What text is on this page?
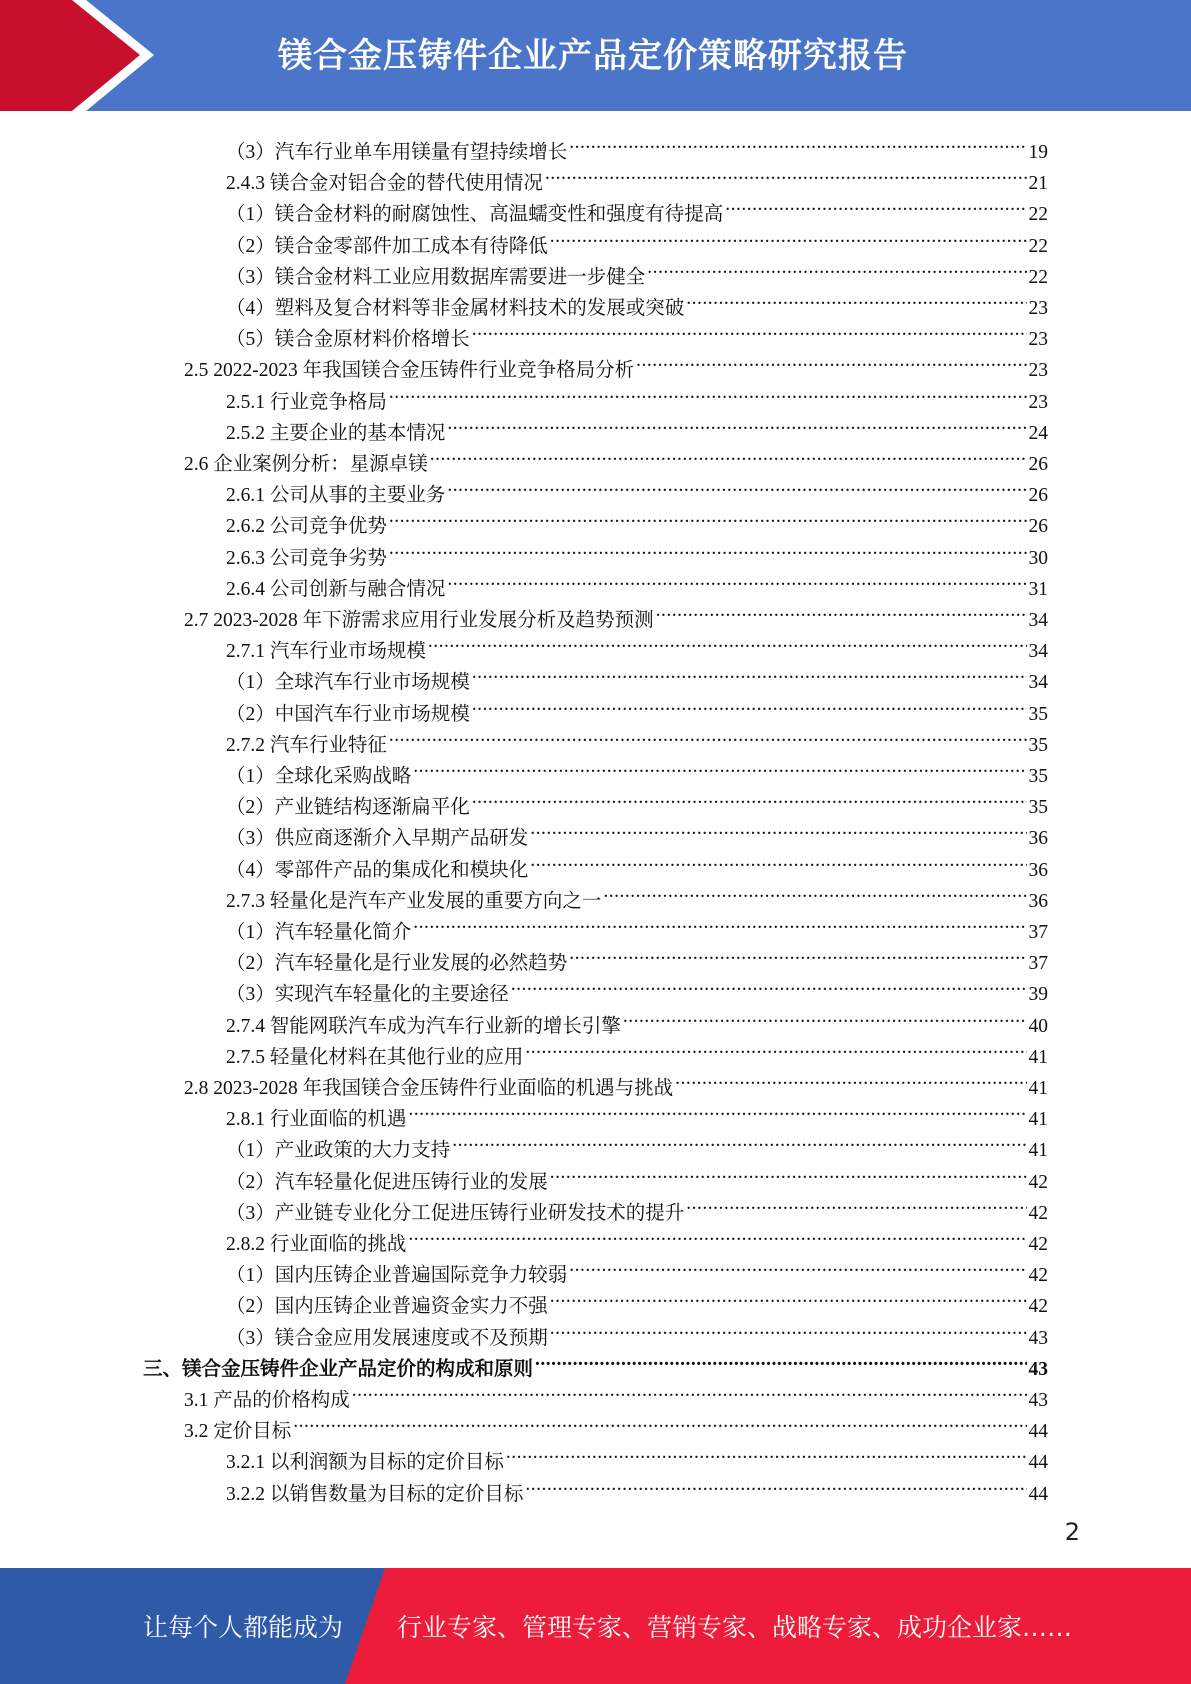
镁合金压铸件企业产品定价策略研究报告
（3）汽车行业单车用镁量有望持续增长 .....	19
2.4.3 镁合金对铝合金的替代使用情况 .....	21
（1）镁合金材料的耐腐蚀性、高温蠕变性和强度有待提高 .....	22
（2）镁合金零部件加工成本有待降低 .....	22
（3）镁合金材料工业应用数据库需要进一步健全 .....	22
（4）塑料及复合材料等非金属材料技术的发展或突破 .....	23
（5）镁合金原材料价格增长 .....	23
2.5 2022-2023 年我国镁合金压铸件行业竞争格局分析 .....	23
2.5.1 行业竞争格局 .....	23
2.5.2 主要企业的基本情况 .....	24
2.6 企业案例分析：星源卓镁 .....	26
2.6.1 公司从事的主要业务 .....	26
2.6.2 公司竞争优势 .....	26
2.6.3 公司竞争劣势 .....	30
2.6.4 公司创新与融合情况 .....	31
2.7 2023-2028 年下游需求应用行业发展分析及趋势预测 .....	34
2.7.1 汽车行业市场规模 .....	34
（1）全球汽车行业市场规模 .....	34
（2）中国汽车行业市场规模 .....	35
2.7.2 汽车行业特征 .....	35
（1）全球化采购战略 .....	35
（2）产业链结构逐渐扁平化 .....	35
（3）供应商逐渐介入早期产品研发 .....	36
（4）零部件产品的集成化和模块化 .....	36
2.7.3 轻量化是汽车产业发展的重要方向之一 .....	36
（1）汽车轻量化简介 .....	37
（2）汽车轻量化是行业发展的必然趋势 .....	37
（3）实现汽车轻量化的主要途径 .....	39
2.7.4 智能网联汽车成为汽车行业新的增长引擎 .....	40
2.7.5 轻量化材料在其他行业的应用 .....	41
2.8 2023-2028 年我国镁合金压铸件行业面临的机遇与挑战 .....	41
2.8.1 行业面临的机遇 .....	41
（1）产业政策的大力支持 .....	41
（2）汽车轻量化促进压铸行业的发展 .....	42
（3）产业链专业化分工促进压铸行业研发技术的提升 .....	42
2.8.2 行业面临的挑战 .....	42
（1）国内压铸企业普遍国际竞争力较弱 .....	42
（2）国内压铸企业普遍资金实力不强 .....	42
（3）镁合金应用发展速度或不及预期 .....	43
三、镁合金压铸件企业产品定价的构成和原则 .....	43
3.1 产品的价格构成 .....	43
3.2 定价目标 .....	44
3.2.1 以利润额为目标的定价目标 .....	44
3.2.2 以销售数量为目标的定价目标 .....	44
2
让每个人都能成为 行业专家、管理专家、营销专家、战略专家、成功企业家……
